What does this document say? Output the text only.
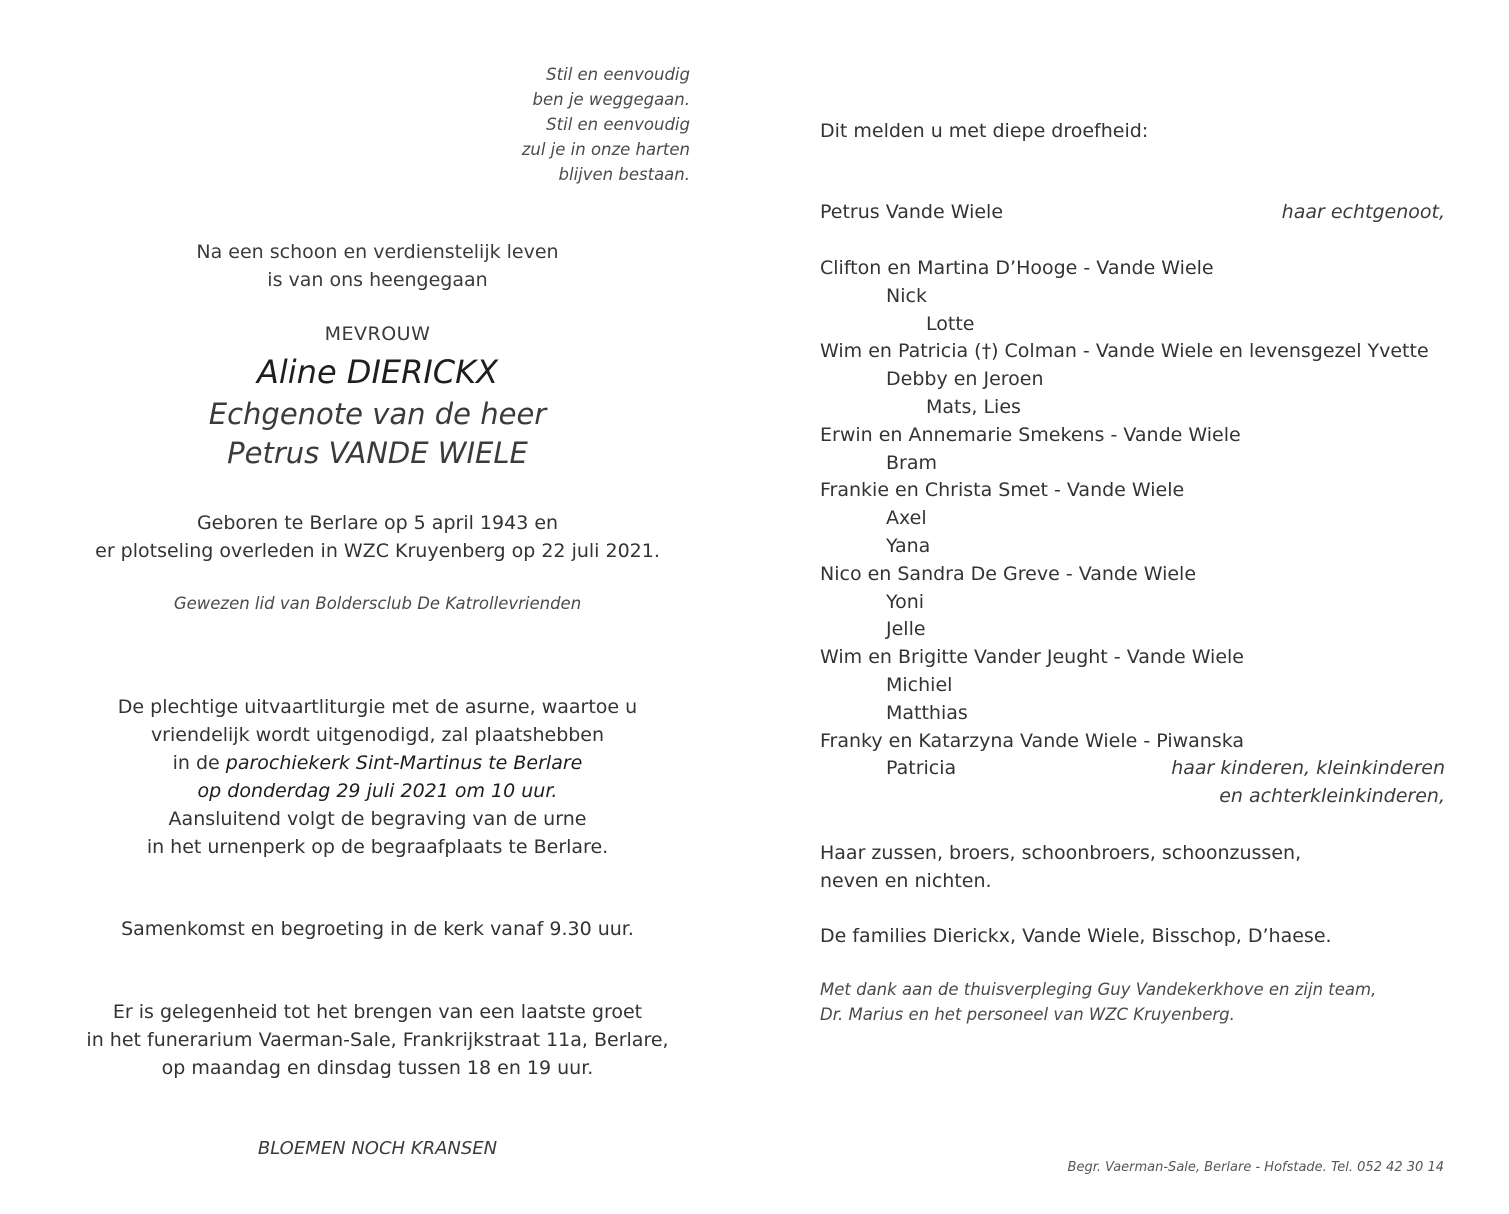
Stil en eenvoudig
ben je weggegaan.
Stil en eenvoudig
zul je in onze harten
blijven bestaan.
Na een schoon en verdienstelijk leven
is van ons heengegaan
MEVROUW
Aline DIERICKX
Echgenote van de heer
Petrus VANDE WIELE
Geboren te Berlare op 5 april 1943 en
er plotseling overleden in WZC Kruyenberg op 22 juli 2021.
Gewezen lid van Boldersclub De Katrollevrienden
De plechtige uitvaartliturgie met de asurne, waartoe u
vriendelijk wordt uitgenodigd, zal plaatshebben
in de parochiekerk Sint-Martinus te Berlare
op donderdag 29 juli 2021 om 10 uur.
Aansluitend volgt de begraving van de urne
in het urnenperk op de begraafplaats te Berlare.
Samenkomst en begroeting in de kerk vanaf 9.30 uur.
Er is gelegenheid tot het brengen van een laatste groet
in het funerarium Vaerman-Sale, Frankrijkstraat 11a, Berlare,
op maandag en dinsdag tussen 18 en 19 uur.
BLOEMEN NOCH KRANSEN
Dit melden u met diepe droefheid:
Petrus Vande Wiele	haar echtgenoot,
Clifton en Martina D’Hooge - Vande Wiele
Nick
Lotte
Wim en Patricia (†) Colman - Vande Wiele en levensgezel Yvette
Debby en Jeroen
Mats, Lies
Erwin en Annemarie Smekens - Vande Wiele
Bram
Frankie en Christa Smet - Vande Wiele
Axel
Yana
Nico en Sandra De Greve - Vande Wiele
Yoni
Jelle
Wim en Brigitte Vander Jeught - Vande Wiele
Michiel
Matthias
Franky en Katarzyna Vande Wiele - Piwanska
Patricia	haar kinderen, kleinkinderen
en achterkleinkinderen,
Haar zussen, broers, schoonbroers, schoonzussen,
neven en nichten.
De families Dierickx, Vande Wiele, Bisschop, D’haese.
Met dank aan de thuisverpleging Guy Vandekerkhove en zijn team,
Dr. Marius en het personeel van WZC Kruyenberg.
Begr. Vaerman-Sale, Berlare - Hofstade. Tel. 052 42 30 14
